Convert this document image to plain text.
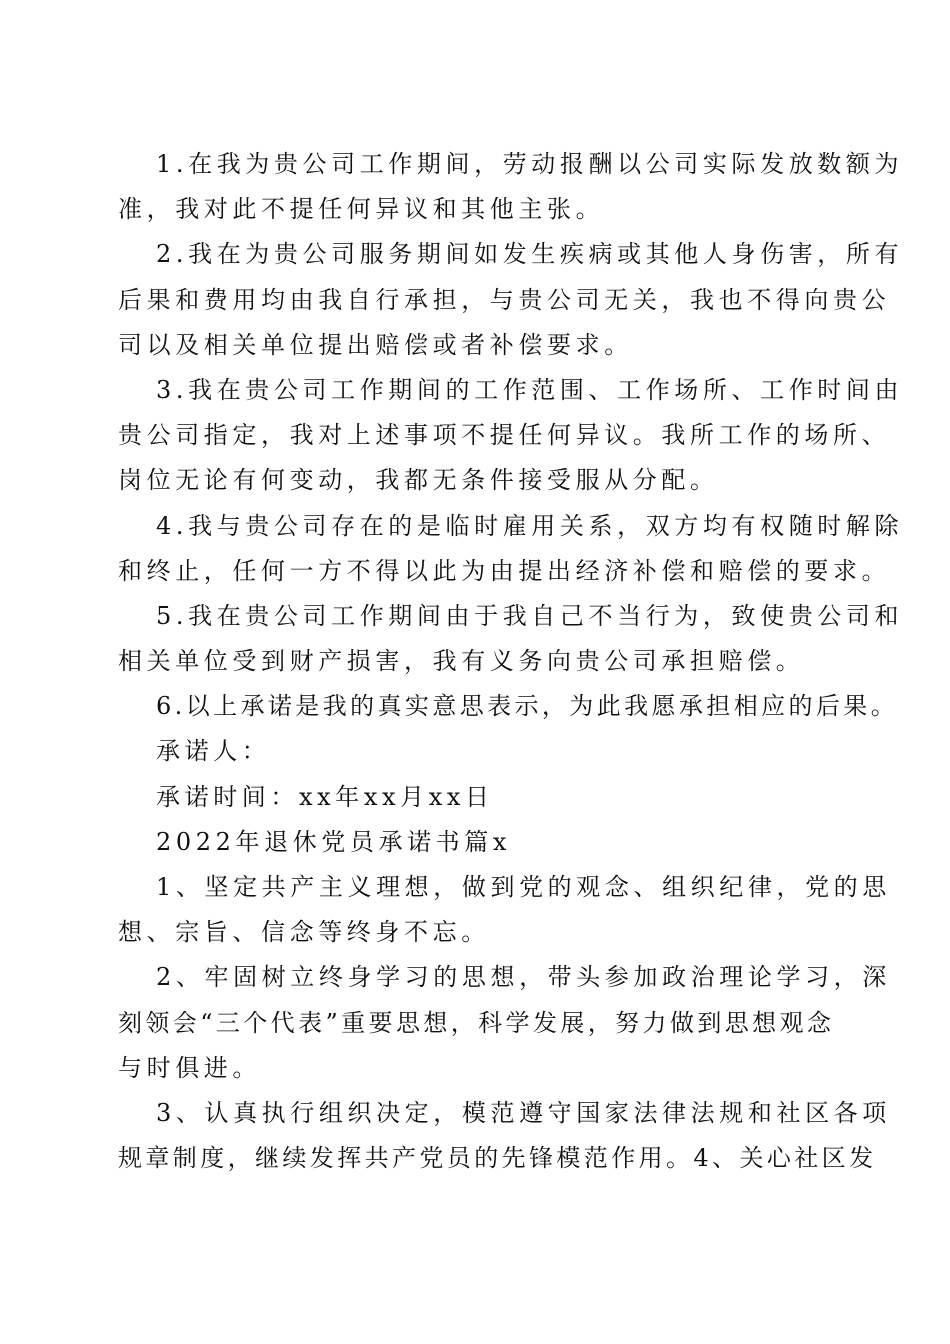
1.在我为贵公司工作期间，劳动报酬以公司实际发放数额为
准，我对此不提任何异议和其他主张。
2.我在为贵公司服务期间如发生疾病或其他人身伤害，所有
后果和费用均由我自行承担，与贵公司无关，我也不得向贵公
司以及相关单位提出赔偿或者补偿要求。
3.我在贵公司工作期间的工作范围、工作场所、工作时间由
贵公司指定，我对上述事项不提任何异议。我所工作的场所、
岗位无论有何变动，我都无条件接受服从分配。
4.我与贵公司存在的是临时雇用关系，双方均有权随时解除
和终止，任何一方不得以此为由提出经济补偿和赔偿的要求。
5.我在贵公司工作期间由于我自己不当行为，致使贵公司和
相关单位受到财产损害，我有义务向贵公司承担赔偿。
6.以上承诺是我的真实意思表示，为此我愿承担相应的后果。
承诺人：
承诺时间：xx年xx月xx日
2022年退休党员承诺书篇x
1、坚定共产主义理想，做到党的观念、组织纪律，党的思
想、宗旨、信念等终身不忘。
2、牢固树立终身学习的思想，带头参加政治理论学习，深
刻领会“三个代表”重要思想，科学发展，努力做到思想观念
与时俱进。
3、认真执行组织决定，模范遵守国家法律法规和社区各项
规章制度，继续发挥共产党员的先锋模范作用。4、关心社区发
